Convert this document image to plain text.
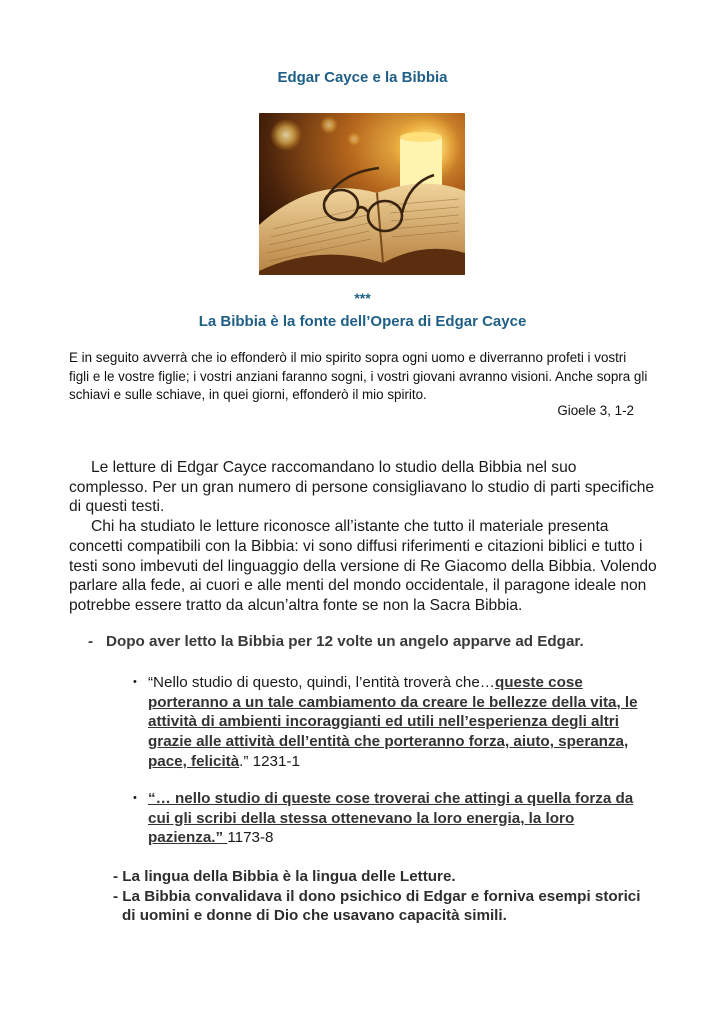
Edgar Cayce e la Bibbia
***
La Bibbia è la fonte dell’Opera di Edgar Cayce
E in seguito avverrà che io effonderò il mio spirito sopra ogni uomo e diverranno profeti i vostri figli e le vostre figlie; i vostri anziani faranno sogni, i vostri giovani avranno visioni. Anche sopra gli schiavi e sulle schiave, in quei giorni, effonderò il mio spirito.
Gioele 3, 1-2

Le letture di Edgar Cayce raccomandano lo studio della Bibbia nel suo complesso. Per un gran numero di persone consigliavano lo studio di parti specifiche di questi testi.

Chi ha studiato le letture riconosce all’istante che tutto il materiale presenta concetti compatibili con la Bibbia: vi sono diffusi riferimenti e citazioni biblici e tutto i testi sono imbevuti del linguaggio della versione di Re Giacomo della Bibbia. Volendo parlare alla fede, ai cuori e alle menti del mondo occidentale, il paragone ideale non potrebbe essere tratto da alcun’altra fonte se non la Sacra Bibbia.

- Dopo aver letto la Bibbia per 12 volte un angelo apparve ad Edgar.
• “Nello studio di questo, quindi, l’entità troverà che…queste cose porteranno a un tale cambiamento da creare le bellezze della vita, le attività di ambienti incoraggianti ed utili nell’esperienza degli altri grazie alle attività dell’entità che porteranno forza, aiuto, speranza, pace, felicità.” 1231-1
• “… nello studio di queste cose troverai che attingi a quella forza da cui gli scribi della stessa ottenevano la loro energia, la loro pazienza.” 1173-8
- La lingua della Bibbia è la lingua delle Letture.
- La Bibbia convalidava il dono psichico di Edgar e forniva esempi storici di uomini e donne di Dio che usavano capacità simili.
